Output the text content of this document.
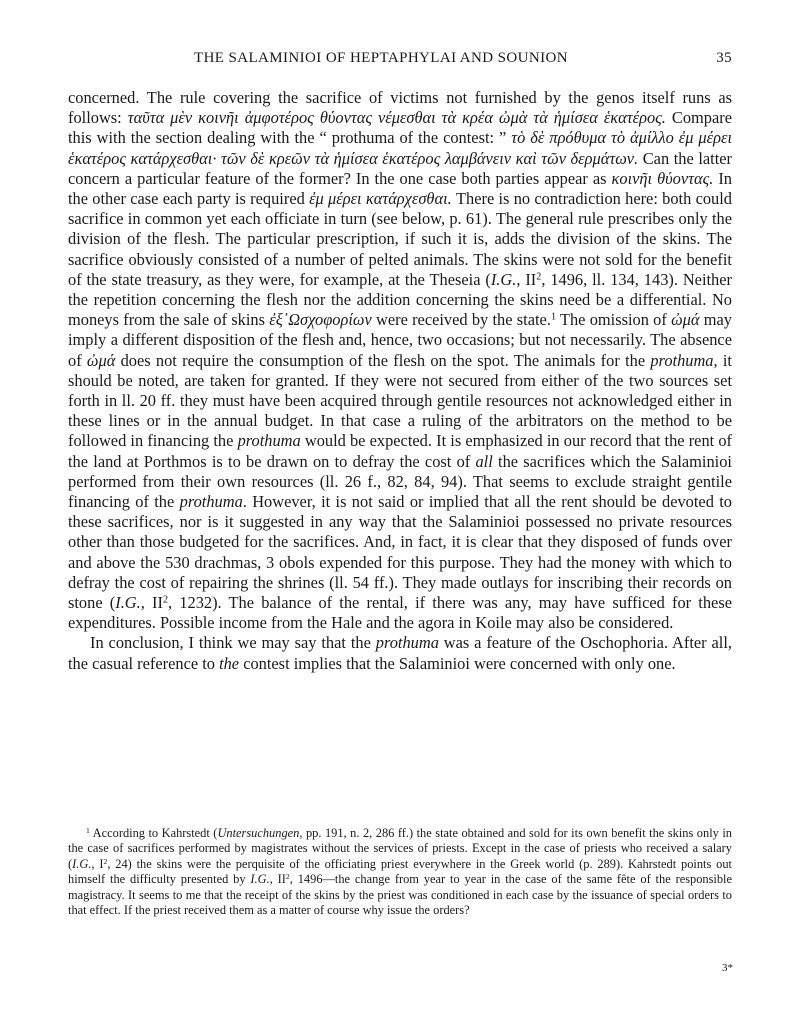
THE SALAMINIOI OF HEPTAPHYLAI AND SOUNION	35

concerned. The rule covering the sacrifice of victims not furnished by the genos itself runs as follows: ταῦτα μὲν κοινῆι ἀμφοτέρος θύοντας νέμεσθαι τὰ κρέα ὠμὰ τὰ ἡμίσεα ἑκατέρος. Compare this with the section dealing with the “ prothuma of the contest: ” τὸ δὲ πρόθυμα τὸ ἀμίλλο ἐμ μέρει ἑκατέρος κατάρχεσθαι· τῶν δὲ κρεῶν τὰ ἡμίσεα ἑκατέρος λαμβάνειν καὶ τῶν δερμάτων. Can the latter concern a particular feature of the former? In the one case both parties appear as κοινῆι θύοντας. In the other case each party is required ἐμ μέρει κατάρχεσθαι. There is no contradiction here: both could sacrifice in common yet each officiate in turn (see below, p. 61). The general rule prescribes only the division of the flesh. The particular prescription, if such it is, adds the division of the skins. The sacrifice obviously consisted of a number of pelted animals. The skins were not sold for the benefit of the state treasury, as they were, for example, at the Theseia (I.G., $II^2$, 1496, ll. 134, 143). Neither the repetition concerning the flesh nor the addition concerning the skins need be a differential. No moneys from the sale of skins ἐξ᾿Ωσχοφορίων were received by the state.$^1$ The omission of ὠμά may imply a different disposition of the flesh and, hence, two occasions; but not necessarily. The absence of ὠμά does not require the consumption of the flesh on the spot. The animals for the prothuma, it should be noted, are taken for granted. If they were not secured from either of the two sources set forth in ll. 20 ff. they must have been acquired through gentile resources not acknowledged either in these lines or in the annual budget. In that case a ruling of the arbitrators on the method to be followed in financing the prothuma would be expected. It is emphasized in our record that the rent of the land at Porthmos is to be drawn on to defray the cost of all the sacrifices which the Salaminioi performed from their own resources (ll. 26 f., 82, 84, 94). That seems to exclude straight gentile financing of the prothuma. However, it is not said or implied that all the rent should be devoted to these sacrifices, nor is it suggested in any way that the Salaminioi possessed no private resources other than those budgeted for the sacrifices. And, in fact, it is clear that they disposed of funds over and above the 530 drachmas, 3 obols expended for this purpose. They had the money with which to defray the cost of repairing the shrines (ll. 54 ff.). They made outlays for inscribing their records on stone (I.G., $II^2$, 1232). The balance of the rental, if there was any, may have sufficed for these expenditures. Possible income from the Hale and the agora in Koile may also be considered.

In conclusion, I think we may say that the prothuma was a feature of the Oschophoria. After all, the casual reference to the contest implies that the Salaminioi were concerned with only one.

$^1$ According to Kahrstedt (Untersuchungen, pp. 191, n. 2, 286 ff.) the state obtained and sold for its own benefit the skins only in the case of sacrifices performed by magistrates without the services of priests. Except in the case of priests who received a salary (I.G., $I^2$, 24) the skins were the perquisite of the officiating priest everywhere in the Greek world (p. 289). Kahrstedt points out himself the difficulty presented by I.G., $II^2$, 1496—the change from year to year in the case of the same fête of the responsible magistracy. It seems to me that the receipt of the skins by the priest was conditioned in each case by the issuance of special orders to that effect. If the priest received them as a matter of course why issue the orders?

3*
